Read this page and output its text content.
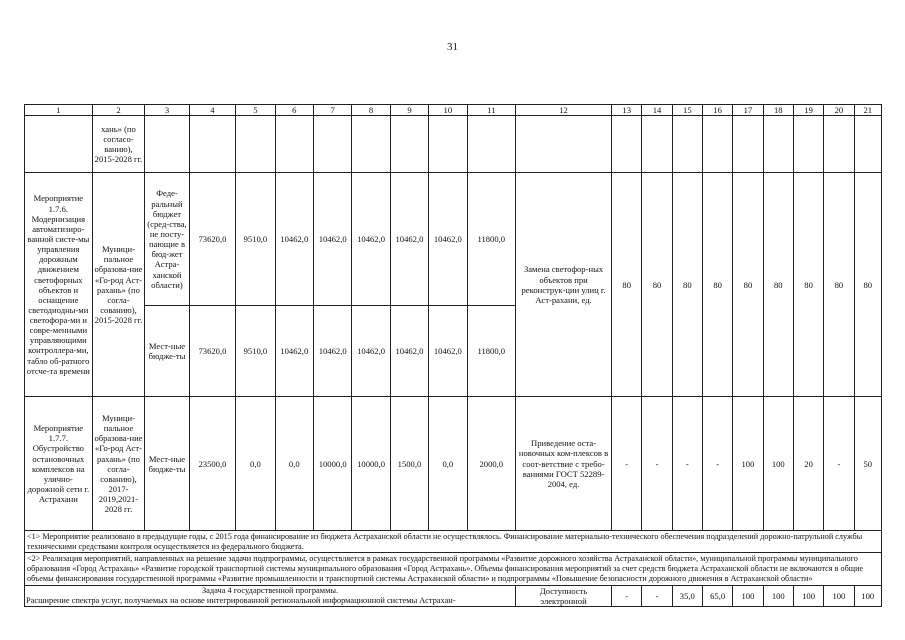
31
1	2	3	4	5	6	7	8	9	10	11	12	13	14	15	16	17	18	19	20	21
	хань» (по согласо-ванию), 2015-2028 гг.																			
Мероприятие 1.7.6. Модернизация автоматизиро-ванной систе-мы управления дорожным движением светофорных объектов и оснащение светодиодны-ми светофора-ми и совре-менными управляющими контроллера-ми, табло об-ратного отсче-та времени	Муници-пальное образова-ние «Го-род Аст-рахань» (по согла-сованию), 2015-2028 гг.	Феде-ральный бюджет (сред-ства, не посту-пающие в бюд-жет Астра-ханской области)	73620,0	9510,0	10462,0	10462,0	10462,0	10462,0	10462,0	11800,0	Замена светофор-ных объектов при реконструк-ции улиц г. Аст-рахани, ед.	80	80	80	80	80	80	80	80	80
		Мест-ные бюдже-ты	73620,0	9510,0	10462,0	10462,0	10462,0	10462,0	10462,0	11800,0										
Мероприятие 1.7.7. Обустройство остановочных комплексов на улично-дорожной сети г. Астрахани	Муници-пальное образова-ние «Го-род Аст-рахань» (по согла-сованию), 2017-2019,2021-2028 гг.	Мест-ные бюдже-ты	23500,0	0,0	0,0	10000,0	10000,0	1500,0	0,0	2000,0	Приведение оста-новочных ком-плексов в соот-ветствие с требо-ваниями ГОСТ 52289-2004, ед.	-	-	-	-	100	100	20	-	50
<1> Мероприятие реализовано в предыдущие годы, с 2015 года финансирование из бюджета Астраханской области не осуществлялось. Финансирование материально-технического обеспечения подразделений дорожно-патрульной службы техническими средствами контроля осуществляется из федерального бюджета.																				
<2> Реализация мероприятий, направленных на решение задачи подпрограммы, осуществляется в рамках государственной программы «Развитие дорожного хозяйства Астраханской области», муниципальной программы муниципального образования «Город Астрахань» «Развитие городской транспортной системы муниципального образования «Город Астрахань». Объемы финансирования мероприятий за счет средств бюджета Астраханской области не включаются в общие объемы финансирования государственной программы «Развитие промышленности и транспортной системы Астраханской области» и подпрограммы «Повышение безопасности дорожного движения в Астраханской области»																				

Задача 4 государственной программы.
Расширение спектра услуг, получаемых на основе интегрированной региональной информационной системы Астрахан-											Доступность электронной	-	-	35,0	65,0	100	100	100	100	100
